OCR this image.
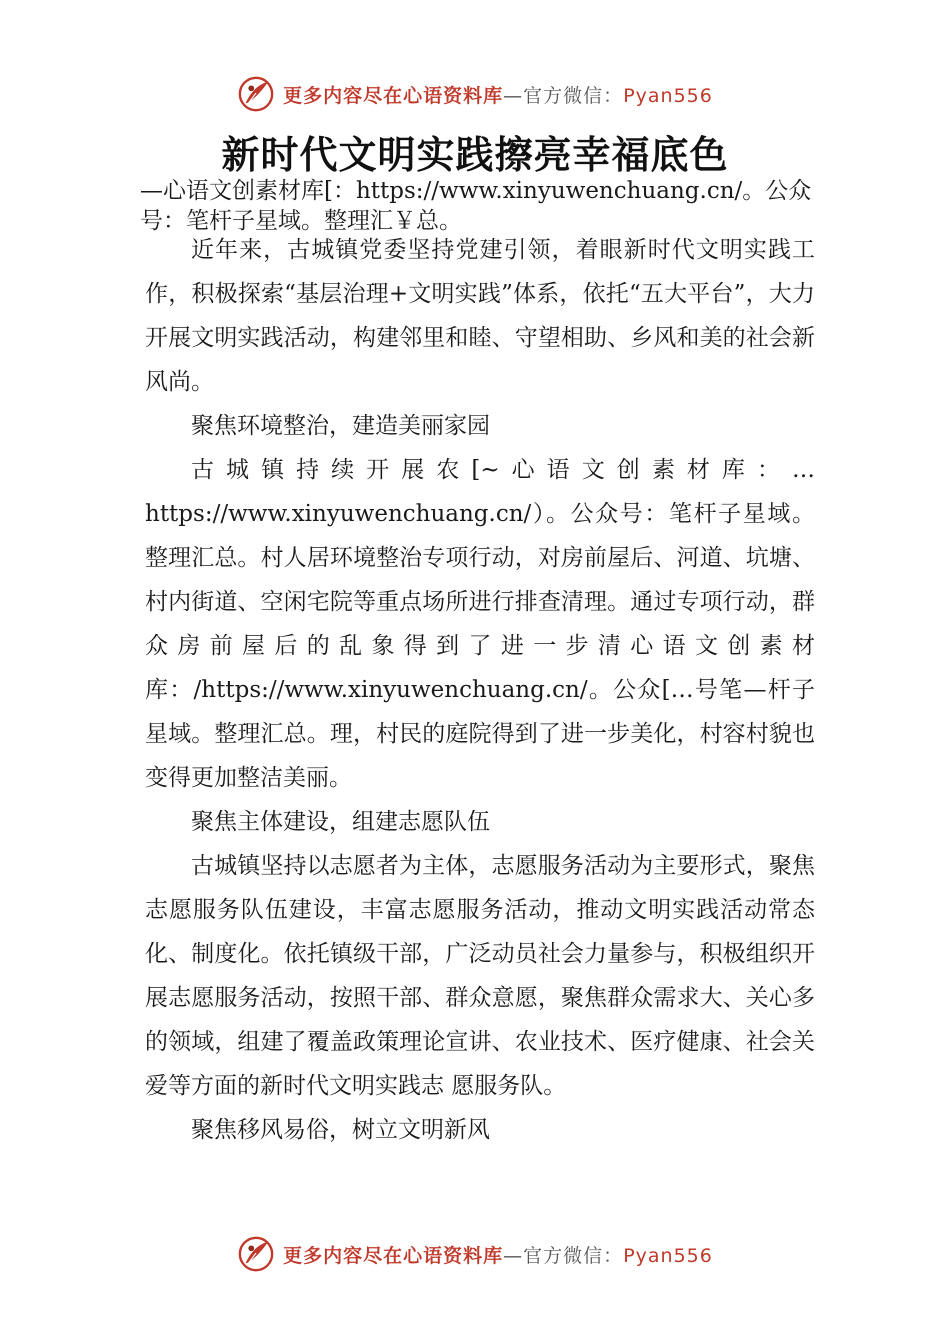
更多内容尽在心语资料库—官方微信：Pyan556
新时代文明实践擦亮幸福底色
—心语文创素材库[：https://www.xinyuwenchuang.cn/。公众号：笔杆子星域。整理汇￥总。

近年来，古城镇党委坚持党建引领，着眼新时代文明实践工作，积极探索“基层治理+文明实践”体系，依托“五大平台”，大力开展文明实践活动，构建邻里和睦、守望相助、乡风和美的社会新风尚。

聚焦环境整治，建造美丽家园

古城镇持续开展农[~心语文创素材库：…https://www.xinyuwenchuang.cn/）。公众号：笔杆子星域。整理汇总。村人居环境整治专项行动，对房前屋后、河道、坑塘、村内街道、空闲宅院等重点场所进行排查清理。通过专项行动，群众房前屋后的乱象得到了进一步清心语文创素材库：/https://www.xinyuwenchuang.cn/。公众[…号笔—杆子星域。整理汇总。理，村民的庭院得到了进一步美化，村容村貌也变得更加整洁美丽。

聚焦主体建设，组建志愿队伍

古城镇坚持以志愿者为主体，志愿服务活动为主要形式，聚焦志愿服务队伍建设，丰富志愿服务活动，推动文明实践活动常态化、制度化。依托镇级干部，广泛动员社会力量参与，积极组织开展志愿服务活动，按照干部、群众意愿，聚焦群众需求大、关心多的领域，组建了覆盖政策理论宣讲、农业技术、医疗健康、社会关爱等方面的新时代文明实践志 愿服务队。

聚焦移风易俗，树立文明新风

更多内容尽在心语资料库—官方微信：Pyan556
